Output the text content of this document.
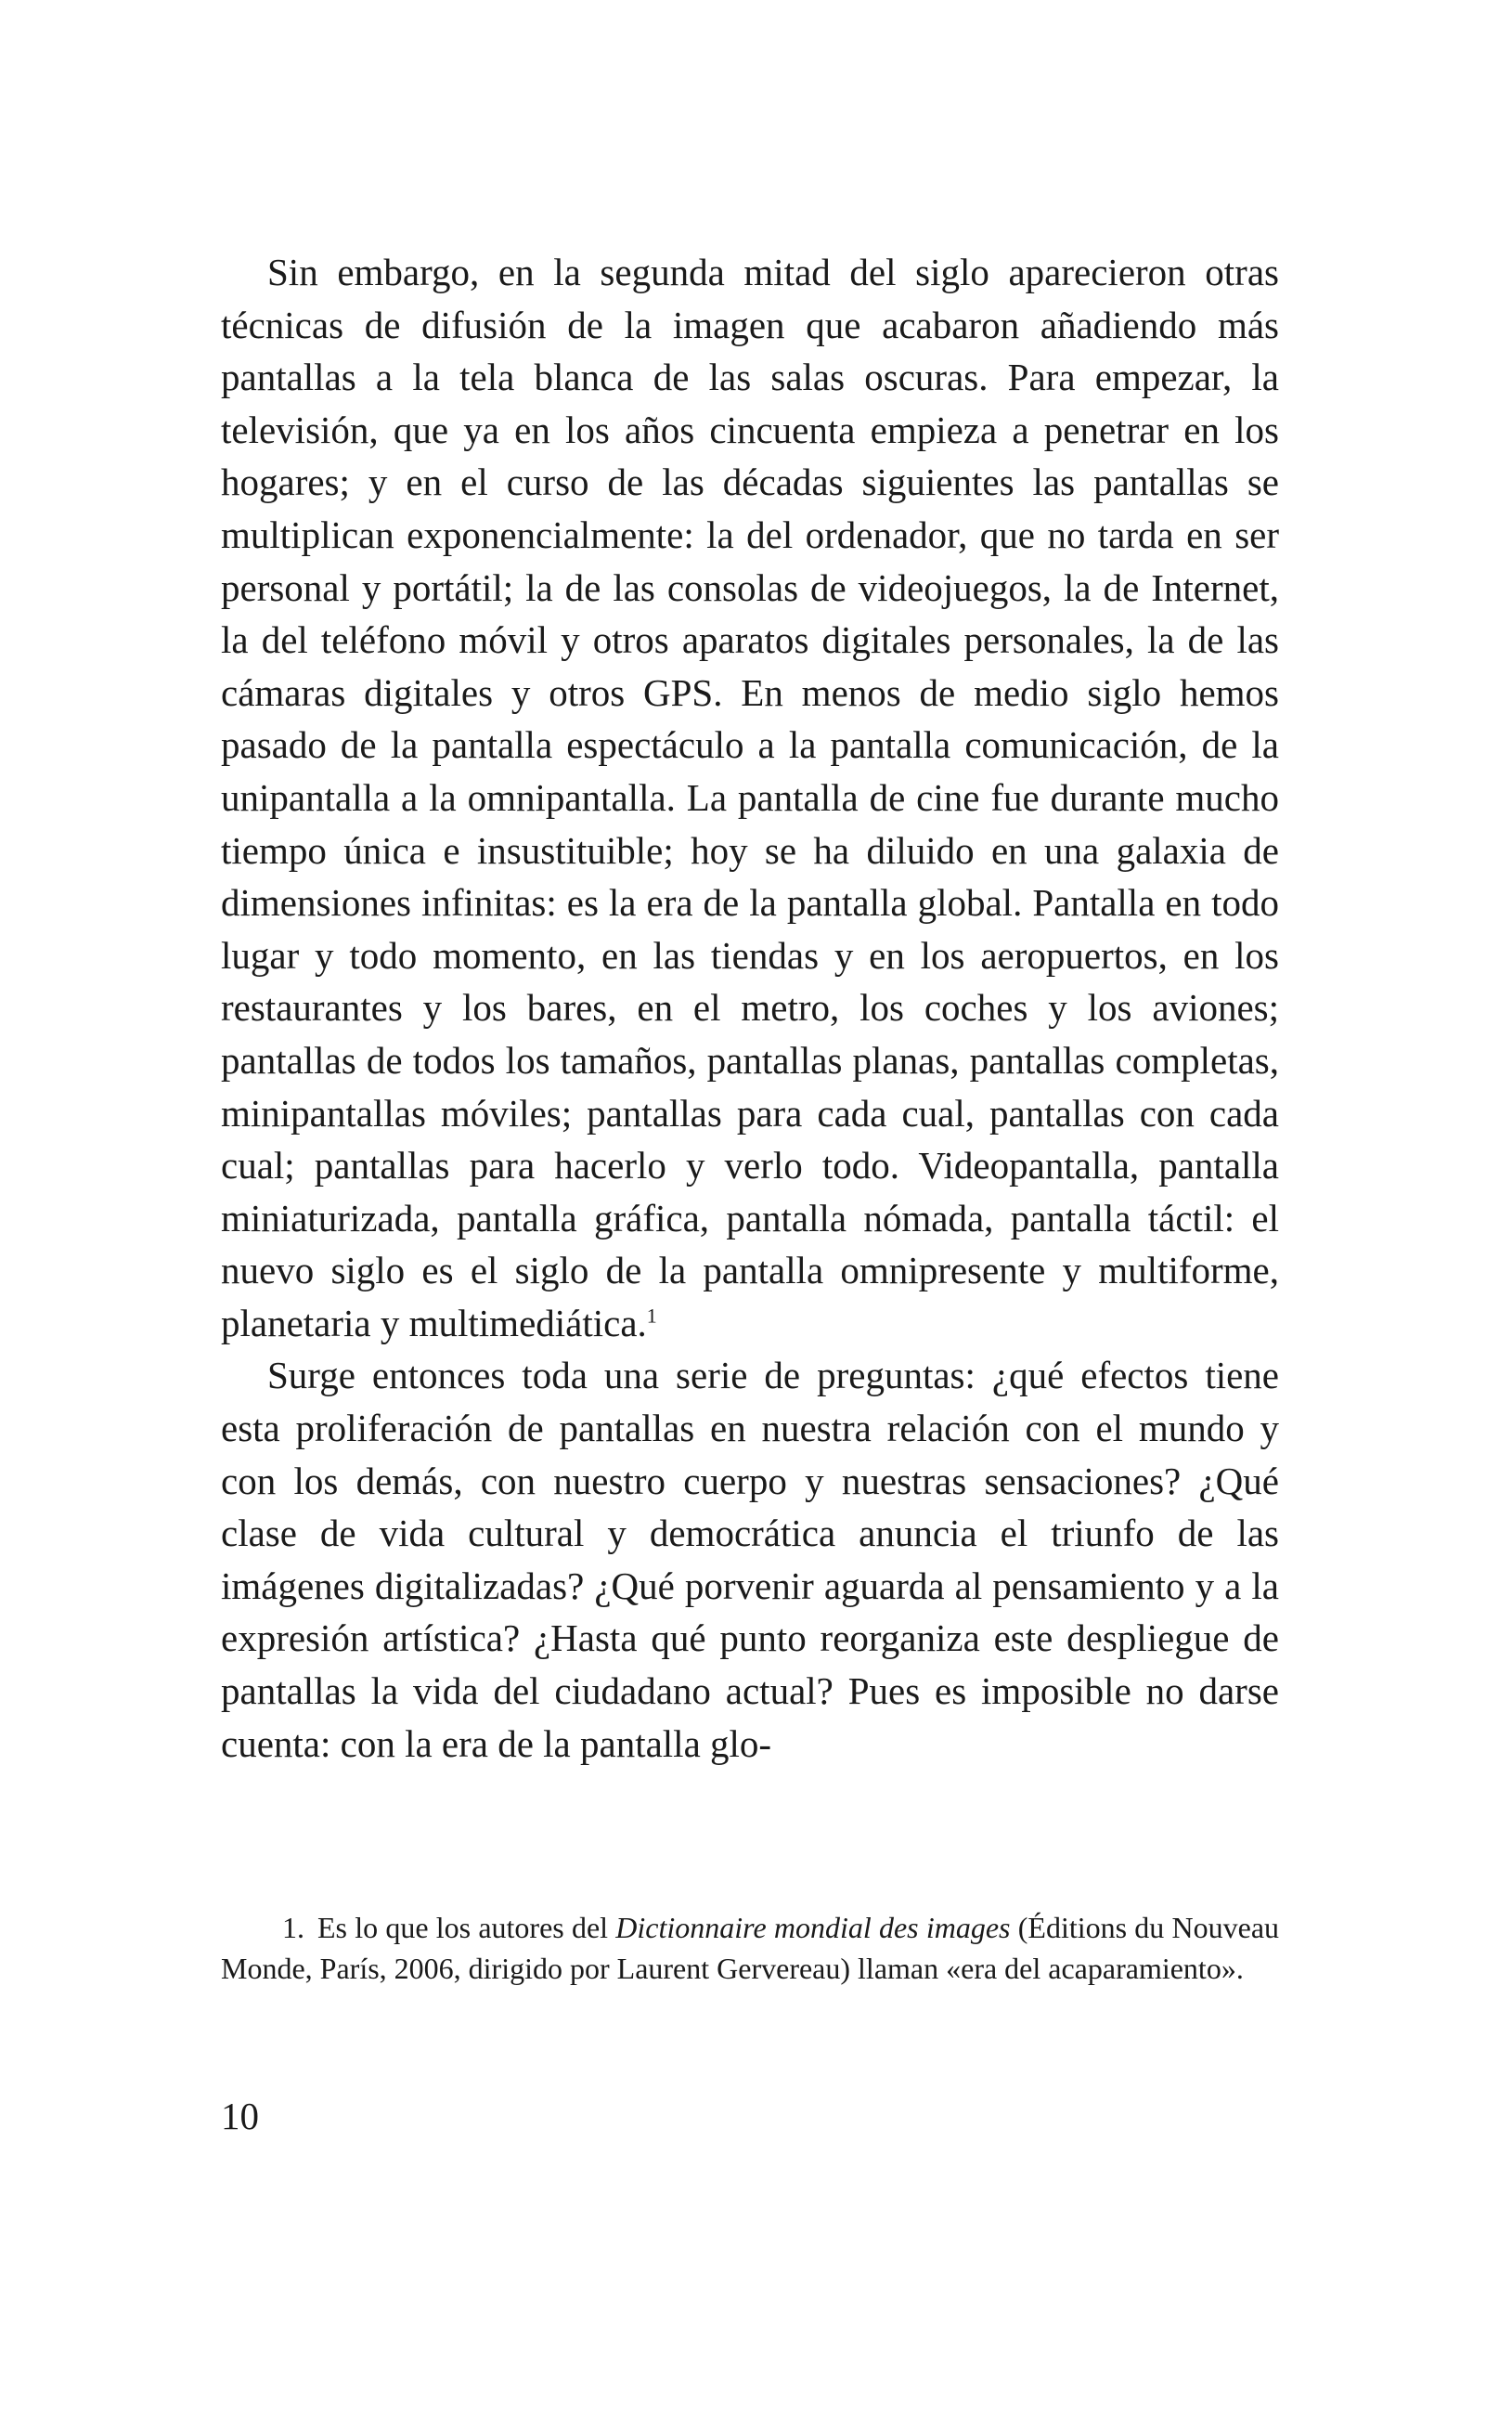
Sin embargo, en la segunda mitad del siglo aparecieron otras técnicas de difusión de la imagen que acabaron añadiendo más pantallas a la tela blanca de las salas oscuras. Para empezar, la televisión, que ya en los años cincuenta empieza a penetrar en los hogares; y en el curso de las décadas siguientes las pantallas se multiplican exponencialmente: la del ordenador, que no tarda en ser personal y portátil; la de las consolas de videojuegos, la de Internet, la del teléfono móvil y otros aparatos digitales personales, la de las cámaras digitales y otros GPS. En menos de medio siglo hemos pasado de la pantalla espectáculo a la pantalla comunicación, de la unipantalla a la omnipantalla. La pantalla de cine fue durante mucho tiempo única e insustituible; hoy se ha diluido en una galaxia de dimensiones infinitas: es la era de la pantalla global. Pantalla en todo lugar y todo momento, en las tiendas y en los aeropuertos, en los restaurantes y los bares, en el metro, los coches y los aviones; pantallas de todos los tamaños, pantallas planas, pantallas completas, minipantallas móviles; pantallas para cada cual, pantallas con cada cual; pantallas para hacerlo y verlo todo. Videopantalla, pantalla miniaturizada, pantalla gráfica, pantalla nómada, pantalla táctil: el nuevo siglo es el siglo de la pantalla omnipresente y multiforme, planetaria y multimediática.$^1$

Surge entonces toda una serie de preguntas: ¿qué efectos tiene esta proliferación de pantallas en nuestra relación con el mundo y con los demás, con nuestro cuerpo y nuestras sensaciones? ¿Qué clase de vida cultural y democrática anuncia el triunfo de las imágenes digitalizadas? ¿Qué porvenir aguarda al pensamiento y a la expresión artística? ¿Hasta qué punto reorganiza este despliegue de pantallas la vida del ciudadano actual? Pues es imposible no darse cuenta: con la era de la pantalla glo-

1. Es lo que los autores del Dictionnaire mondial des images (Éditions du Nouveau Monde, París, 2006, dirigido por Laurent Gervereau) llaman «era del acaparamiento».

10
